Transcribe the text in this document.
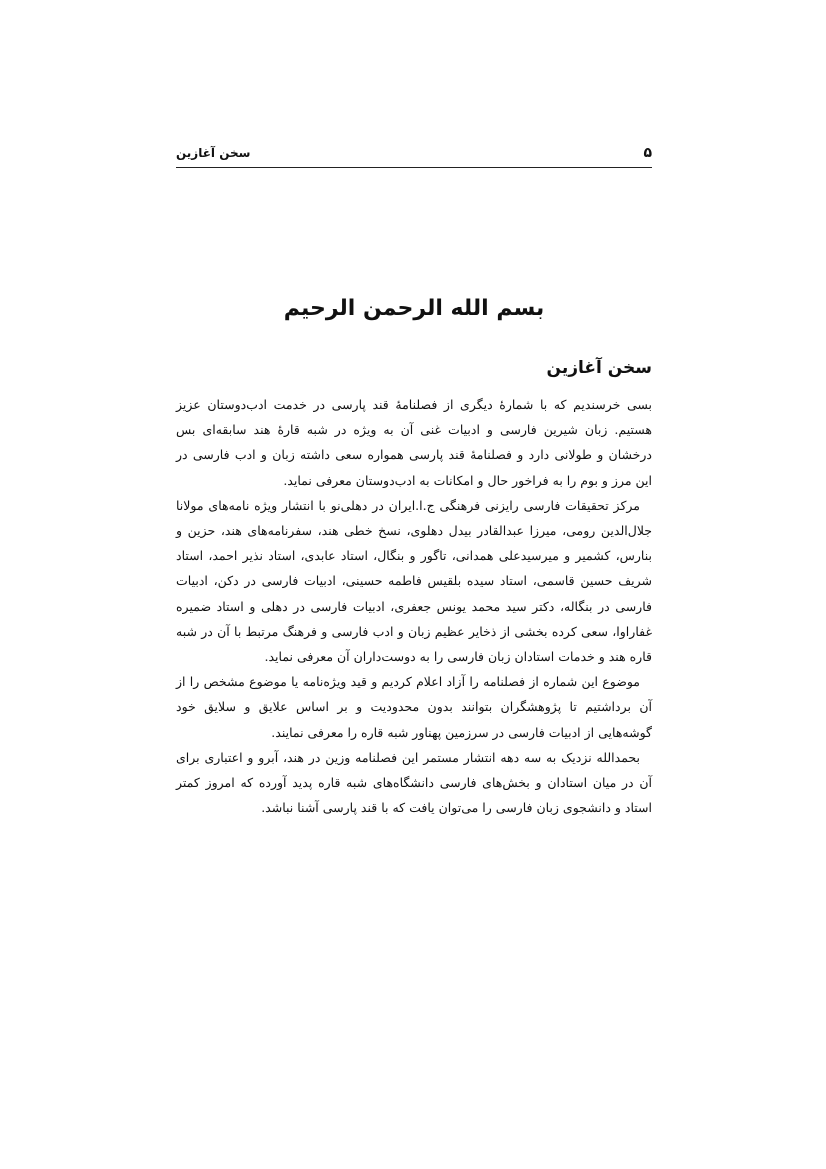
۵
سخن آغازین
بسم الله الرحمن الرحیم
سخن آغازین

بسی خرسندیم که با شمارهٔ دیگری از فصلنامهٔ قند پارسی در خدمت ادب‌دوستان عزیز هستیم. زبان شیرین فارسی و ادبیات غنی آن به ویژه در شبه قارهٔ هند سابقه‌ای بس درخشان و طولانی دارد و فصلنامهٔ قند پارسی همواره سعی داشته زبان و ادب فارسی در این مرز و بوم را به فراخور حال و امکانات به ادب‌دوستان معرفی نماید.

مرکز تحقیقات فارسی رایزنی فرهنگی ج.ا.ایران در دهلی‌نو با انتشار ویژه نامه‌های مولانا جلال‌الدین رومی، میرزا عبدالقادر بیدل دهلوی، نسخ خطی هند، سفرنامه‌های هند، حزین و بنارس، کشمیر و میرسیدعلی همدانی، تاگور و بنگال، استاد عابدی، استاد نذیر احمد، استاد شریف حسین قاسمی، استاد سیده بلقیس فاطمه حسینی، ادبیات فارسی در دکن، ادبیات فارسی در بنگاله، دکتر سید محمد یونس جعفری، ادبیات فارسی در دهلی و استاد ضمیره غفاراوا، سعی کرده بخشی از ذخایر عظیم زبان و ادب فارسی و فرهنگ مرتبط با آن در شبه قاره هند و خدمات استادان زبان فارسی را به دوست‌داران آن معرفی نماید.

موضوع این شماره از فصلنامه را آزاد اعلام کردیم و قید ویژه‌نامه یا موضوع مشخص را از آن برداشتیم تا پژوهشگران بتوانند بدون محدودیت و بر اساس علایق و سلایق خود گوشه‌هایی از ادبیات فارسی در سرزمین پهناور شبه قاره را معرفی نمایند.

بحمدالله نزدیک به سه دهه انتشار مستمر این فصلنامه وزین در هند، آبرو و اعتباری برای آن در میان استادان و بخش‌های فارسی دانشگاه‌های شبه قاره پدید آورده که امروز کمتر استاد و دانشجوی زبان فارسی را می‌توان یافت که با قند پارسی آشنا نباشد.
